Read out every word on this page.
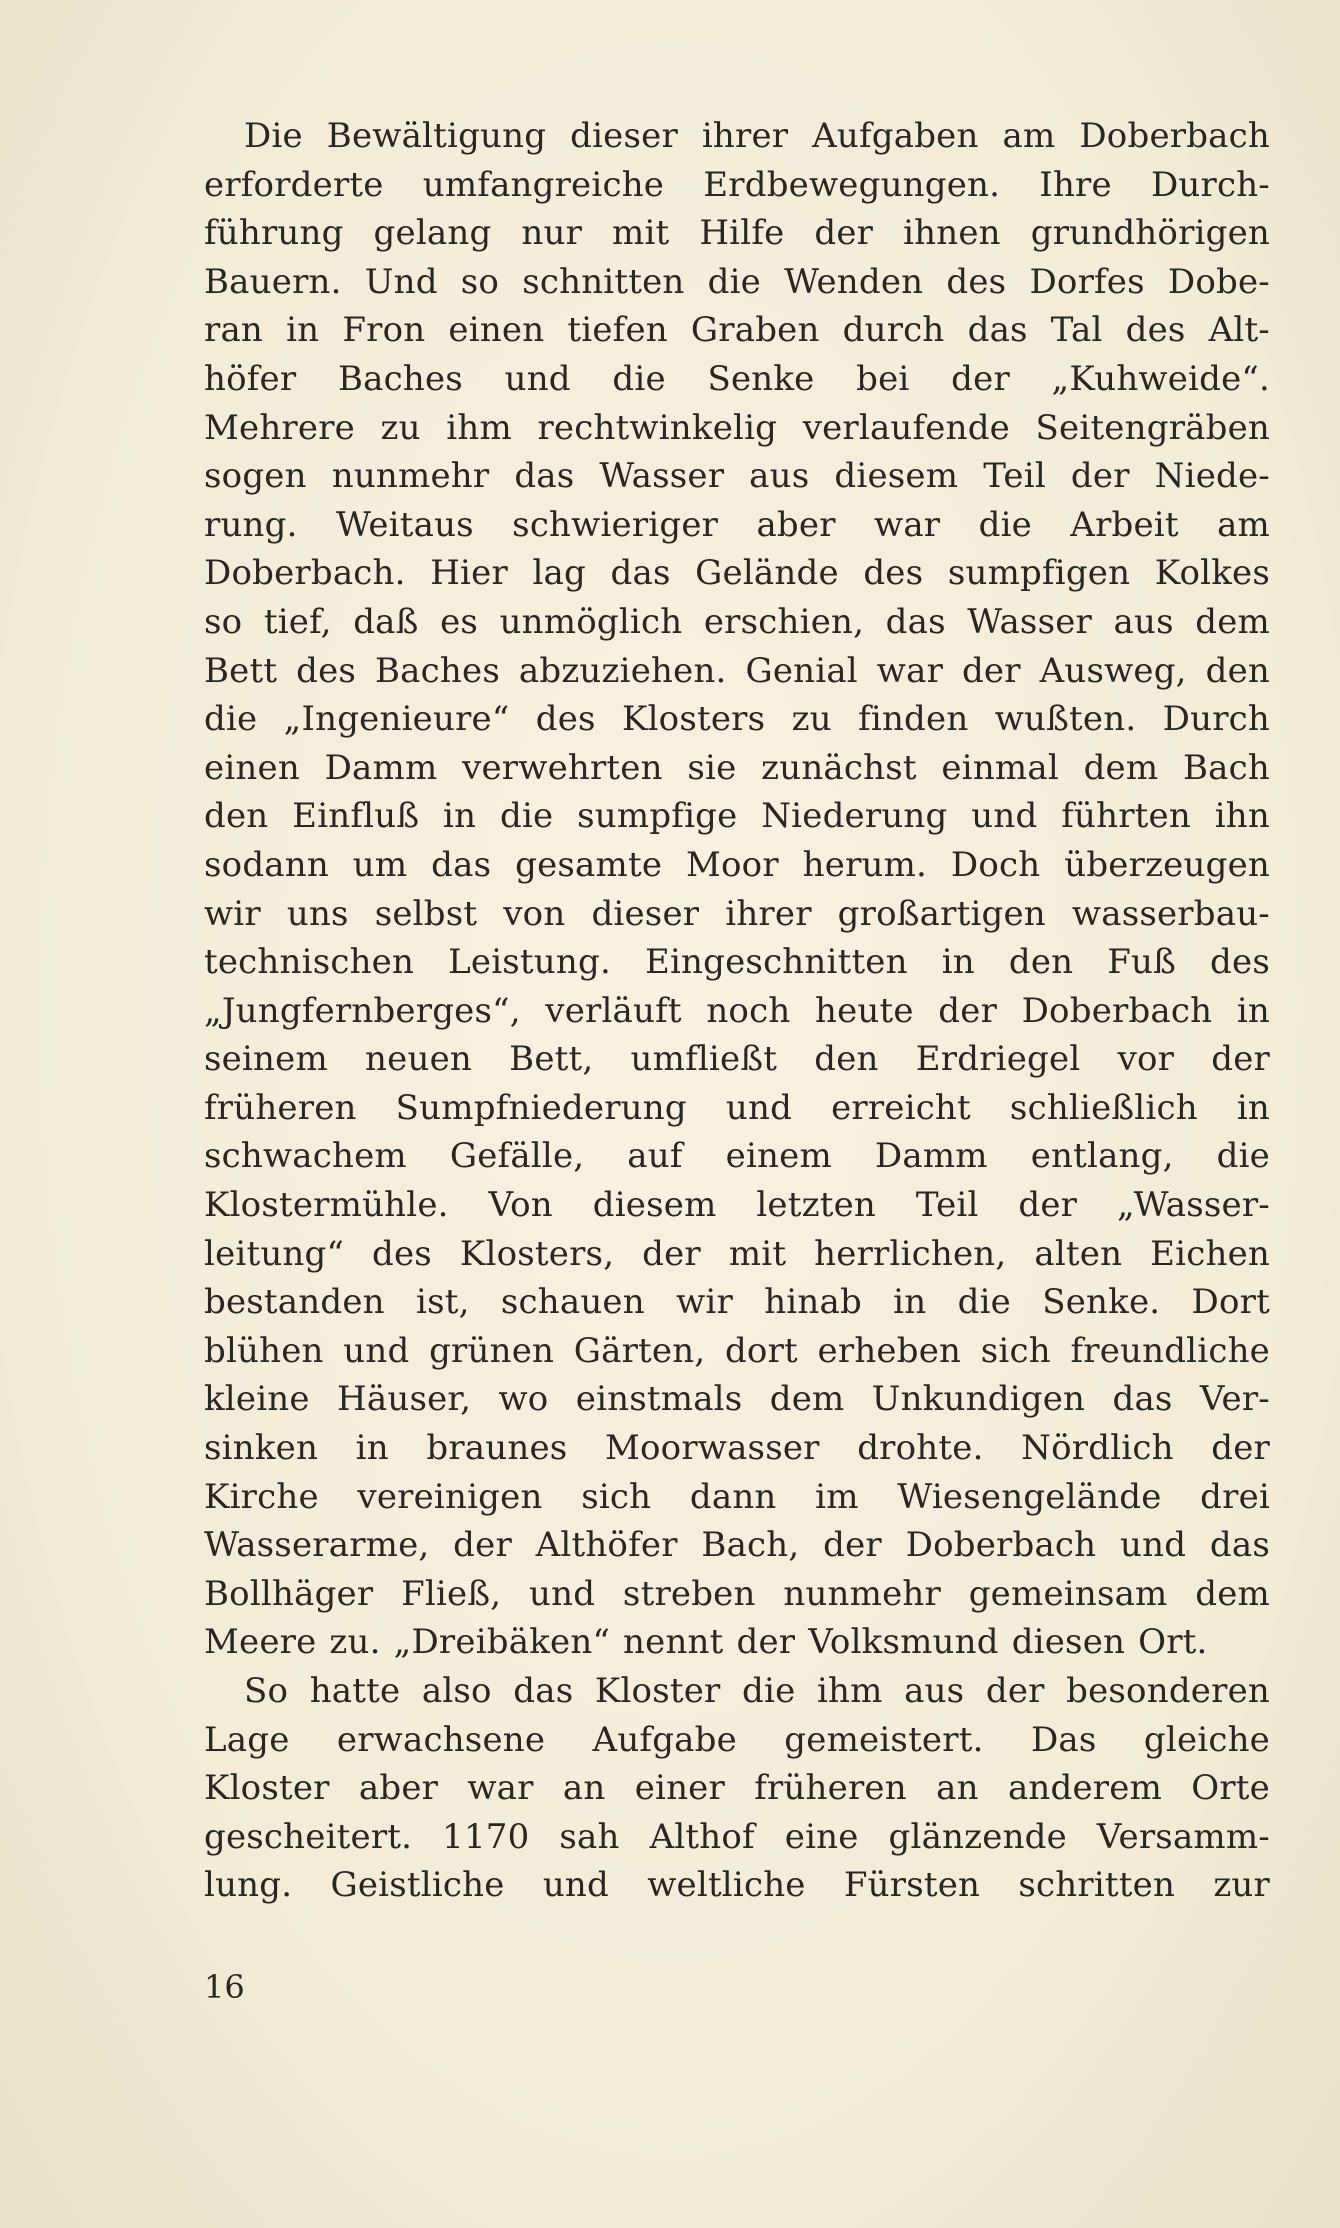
Die Bewältigung dieser ihrer Aufgaben am Doberbach
erforderte umfangreiche Erdbewegungen. Ihre Durch-
führung gelang nur mit Hilfe der ihnen grundhörigen
Bauern. Und so schnitten die Wenden des Dorfes Dobe-
ran in Fron einen tiefen Graben durch das Tal des Alt-
höfer Baches und die Senke bei der „Kuhweide“.
Mehrere zu ihm rechtwinkelig verlaufende Seitengräben
sogen nunmehr das Wasser aus diesem Teil der Niede-
rung. Weitaus schwieriger aber war die Arbeit am
Doberbach. Hier lag das Gelände des sumpfigen Kolkes
so tief, daß es unmöglich erschien, das Wasser aus dem
Bett des Baches abzuziehen. Genial war der Ausweg, den
die „Ingenieure“ des Klosters zu finden wußten. Durch
einen Damm verwehrten sie zunächst einmal dem Bach
den Einfluß in die sumpfige Niederung und führten ihn
sodann um das gesamte Moor herum. Doch überzeugen
wir uns selbst von dieser ihrer großartigen wasserbau-
technischen Leistung. Eingeschnitten in den Fuß des
„Jungfernberges“, verläuft noch heute der Doberbach in
seinem neuen Bett, umfließt den Erdriegel vor der
früheren Sumpfniederung und erreicht schließlich in
schwachem Gefälle, auf einem Damm entlang, die
Klostermühle. Von diesem letzten Teil der „Wasser-
leitung“ des Klosters, der mit herrlichen, alten Eichen
bestanden ist, schauen wir hinab in die Senke. Dort
blühen und grünen Gärten, dort erheben sich freundliche
kleine Häuser, wo einstmals dem Unkundigen das Ver-
sinken in braunes Moorwasser drohte. Nördlich der
Kirche vereinigen sich dann im Wiesengelände drei
Wasserarme, der Althöfer Bach, der Doberbach und das
Bollhäger Fließ, und streben nunmehr gemeinsam dem
Meere zu. „Dreibäken“ nennt der Volksmund diesen Ort.
So hatte also das Kloster die ihm aus der besonderen
Lage erwachsene Aufgabe gemeistert. Das gleiche
Kloster aber war an einer früheren an anderem Orte
gescheitert. 1170 sah Althof eine glänzende Versamm-
lung. Geistliche und weltliche Fürsten schritten zur
16
